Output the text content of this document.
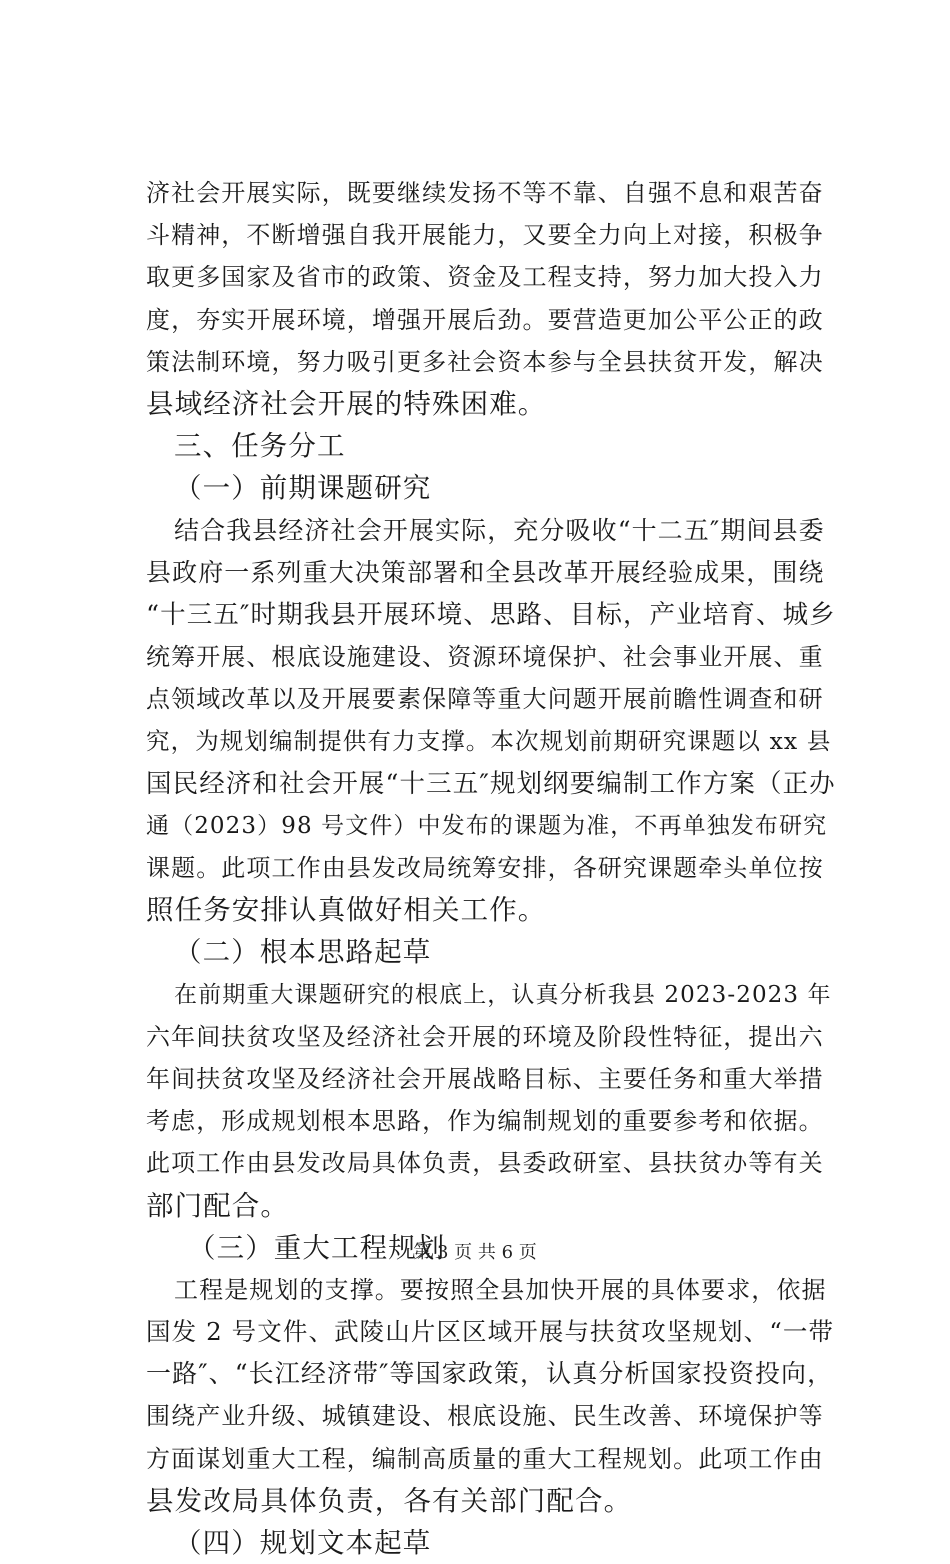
济社会开展实际，既要继续发扬不等不靠、自强不息和艰苦奋
斗精神，不断增强自我开展能力，又要全力向上对接，积极争
取更多国家及省市的政策、资金及工程支持，努力加大投入力
度，夯实开展环境，增强开展后劲。要营造更加公平公正的政
策法制环境，努力吸引更多社会资本参与全县扶贫开发，解决
县域经济社会开展的特殊困难。
三、任务分工
（一）前期课题研究
结合我县经济社会开展实际，充分吸收“十二五″期间县委
县政府一系列重大决策部署和全县改革开展经验成果，围绕
“十三五″时期我县开展环境、思路、目标，产业培育、城乡
统筹开展、根底设施建设、资源环境保护、社会事业开展、重
点领域改革以及开展要素保障等重大问题开展前瞻性调查和研
究，为规划编制提供有力支撑。本次规划前期研究课题以 xx 县
国民经济和社会开展“十三五″规划纲要编制工作方案（正办
通（2023）98 号文件）中发布的课题为准，不再单独发布研究
课题。此项工作由县发改局统筹安排，各研究课题牵头单位按
照任务安排认真做好相关工作。
（二）根本思路起草
在前期重大课题研究的根底上，认真分析我县 2023-2023 年
六年间扶贫攻坚及经济社会开展的环境及阶段性特征，提出六
年间扶贫攻坚及经济社会开展战略目标、主要任务和重大举措
考虑，形成规划根本思路，作为编制规划的重要参考和依据。
此项工作由县发改局具体负责，县委政研室、县扶贫办等有关
部门配合。
（三）重大工程规划
工程是规划的支撑。要按照全县加快开展的具体要求，依据
国发 2 号文件、武陵山片区区域开展与扶贫攻坚规划、“一带
一路″、“长江经济带″等国家政策，认真分析国家投资投向，
围绕产业升级、城镇建设、根底设施、民生改善、环境保护等
方面谋划重大工程，编制高质量的重大工程规划。此项工作由
县发改局具体负责，各有关部门配合。
（四）规划文本起草
第 3 页 共 6 页
